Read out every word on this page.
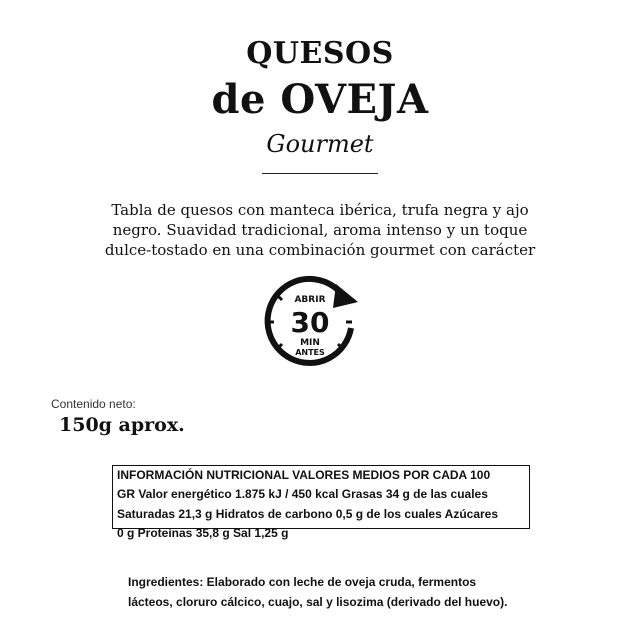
QUESOS
de OVEJA
Gourmet
Tabla de quesos con manteca ibérica, trufa negra y ajo
negro. Suavidad tradicional, aroma intenso y un toque
dulce-tostado en una combinación gourmet con carácter
ABRIR
30
MIN
ANTES
Contenido neto:
150g aprox.
INFORMACIÓN NUTRICIONAL VALORES MEDIOS POR CADA 100
GR Valor energético 1.875 kJ / 450 kcal Grasas 34 g de las cuales
Saturadas 21,3 g Hidratos de carbono 0,5 g de los cuales Azúcares
0 g Proteínas 35,8 g Sal 1,25 g
Ingredientes: Elaborado con leche de oveja cruda, fermentos
lácteos, cloruro cálcico, cuajo, sal y lisozima (derivado del huevo).
